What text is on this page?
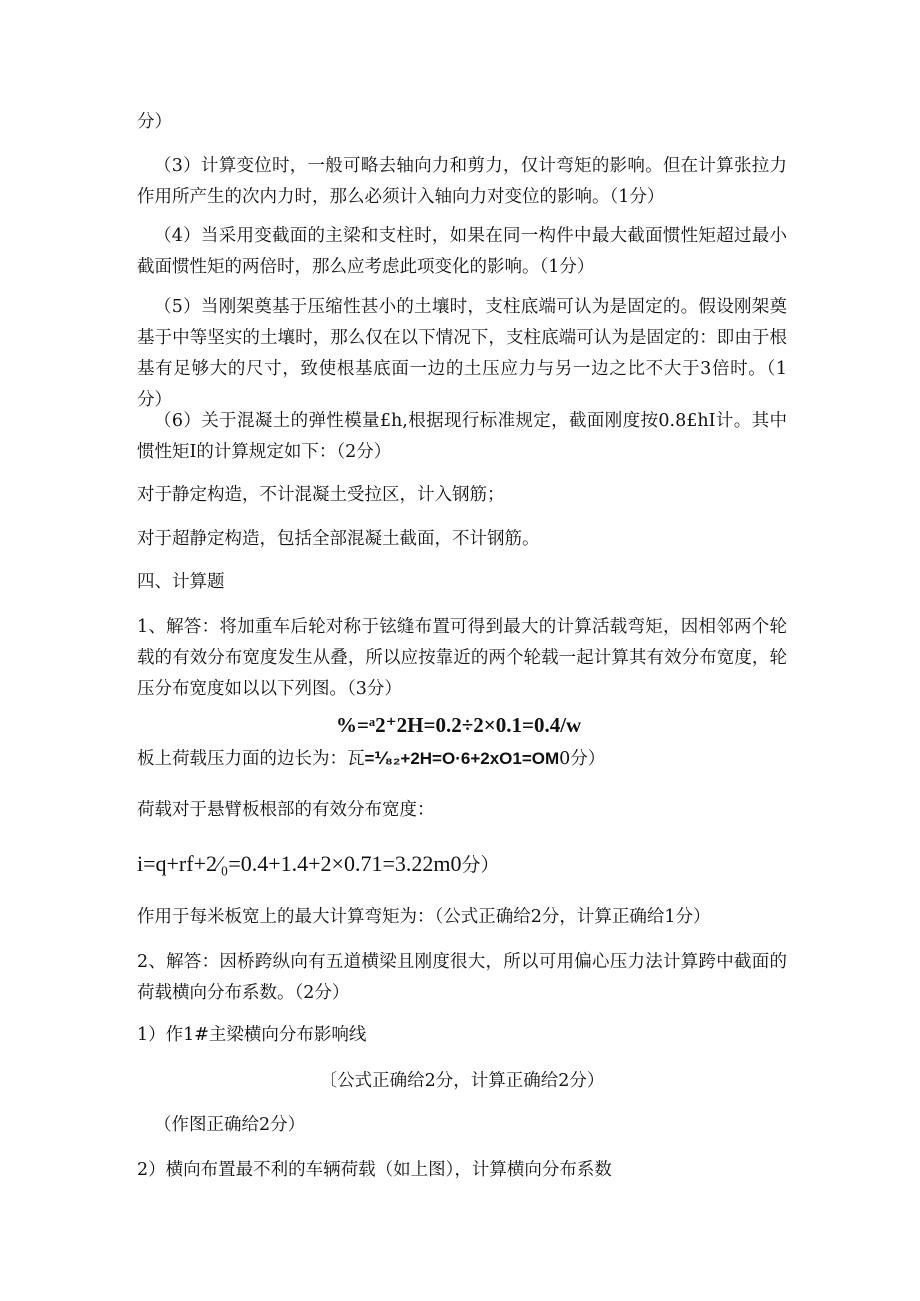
分）

（3）计算变位时，一般可略去轴向力和剪力，仅计弯矩的影响。但在计算张拉力作用所产生的次内力时，那么必须计入轴向力对变位的影响。（1分）

（4）当采用变截面的主梁和支柱时，如果在同一构件中最大截面惯性矩超过最小截面惯性矩的两倍时，那么应考虑此项变化的影响。（1分）

（5）当刚架奠基于压缩性甚小的土壤时，支柱底端可认为是固定的。假设刚架奠基于中等坚实的土壤时，那么仅在以下情况下，支柱底端可认为是固定的：即由于根基有足够大的尺寸，致使根基底面一边的土压应力与另一边之比不大于3倍时。（1分）

（6）关于混凝土的弹性模量£h,根据现行标准规定，截面刚度按0.8£hI计。其中惯性矩I的计算规定如下：（2分）

对于静定构造，不计混凝土受拉区，计入钢筋；

对于超静定构造，包括全部混凝土截面，不计钢筋。

四、计算题

1、解答：将加重车后轮对称于铉缝布置可得到最大的计算活载弯矩，因相邻两个轮载的有效分布宽度发生从叠，所以应按靠近的两个轮载一起计算其有效分布宽度，轮压分布宽度如以以下列图。（3分）

%=ᵃ2⁺2H=0.2÷2×0.1=0.4/w
板上荷载压力面的边长为：瓦=⅟₈₂+2H=O·6+2xO1=OM0分）

荷载对于悬臂板根部的有效分布宽度：

i=q+rf+2⁄₀=0.4+1.4+2×0.71=3.22m0分）

作用于每米板宽上的最大计算弯矩为：（公式正确给2分，计算正确给1分）

2、解答：因桥跨纵向有五道横梁且刚度很大，所以可用偏心压力法计算跨中截面的荷载横向分布系数。（2分）

1）作1#主梁横向分布影响线

〔公式正确给2分，计算正确给2分）

（作图正确给2分）

2）横向布置最不利的车辆荷载（如上图），计算横向分布系数
